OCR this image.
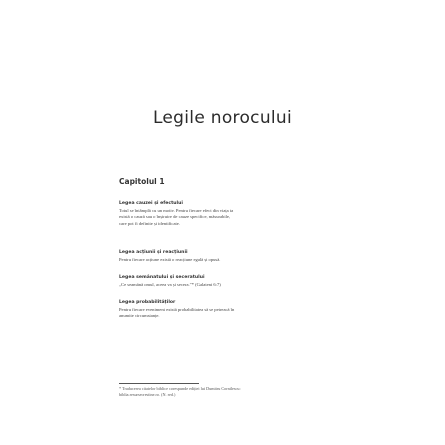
Legile norocului
Capitolul 1
Legea cauzei și efectului
Totul se întâmplă cu un motiv. Pentru fiecare efect din viața ta
există o cauză sau o înșiruire de cauze specifice, măsurabile,
care pot fi definite și identificate.
Legea acțiunii și reacțiunii
Pentru fiecare acțiune există o reacțiune egală și opusă.
Legea semănatului și seceratului
„Ce seamănă omul, aceea va și secera.”* (Galateni 6:7)
Legea probabilităților
Pentru fiecare eveniment există probabilitatea să se petreacă în
anumite circumstanțe.
* Traducerea citatelor biblice corespunde ediției lui Dumitru Cornilescu:
biblia.resursecrestine.ro. (N. red.)
